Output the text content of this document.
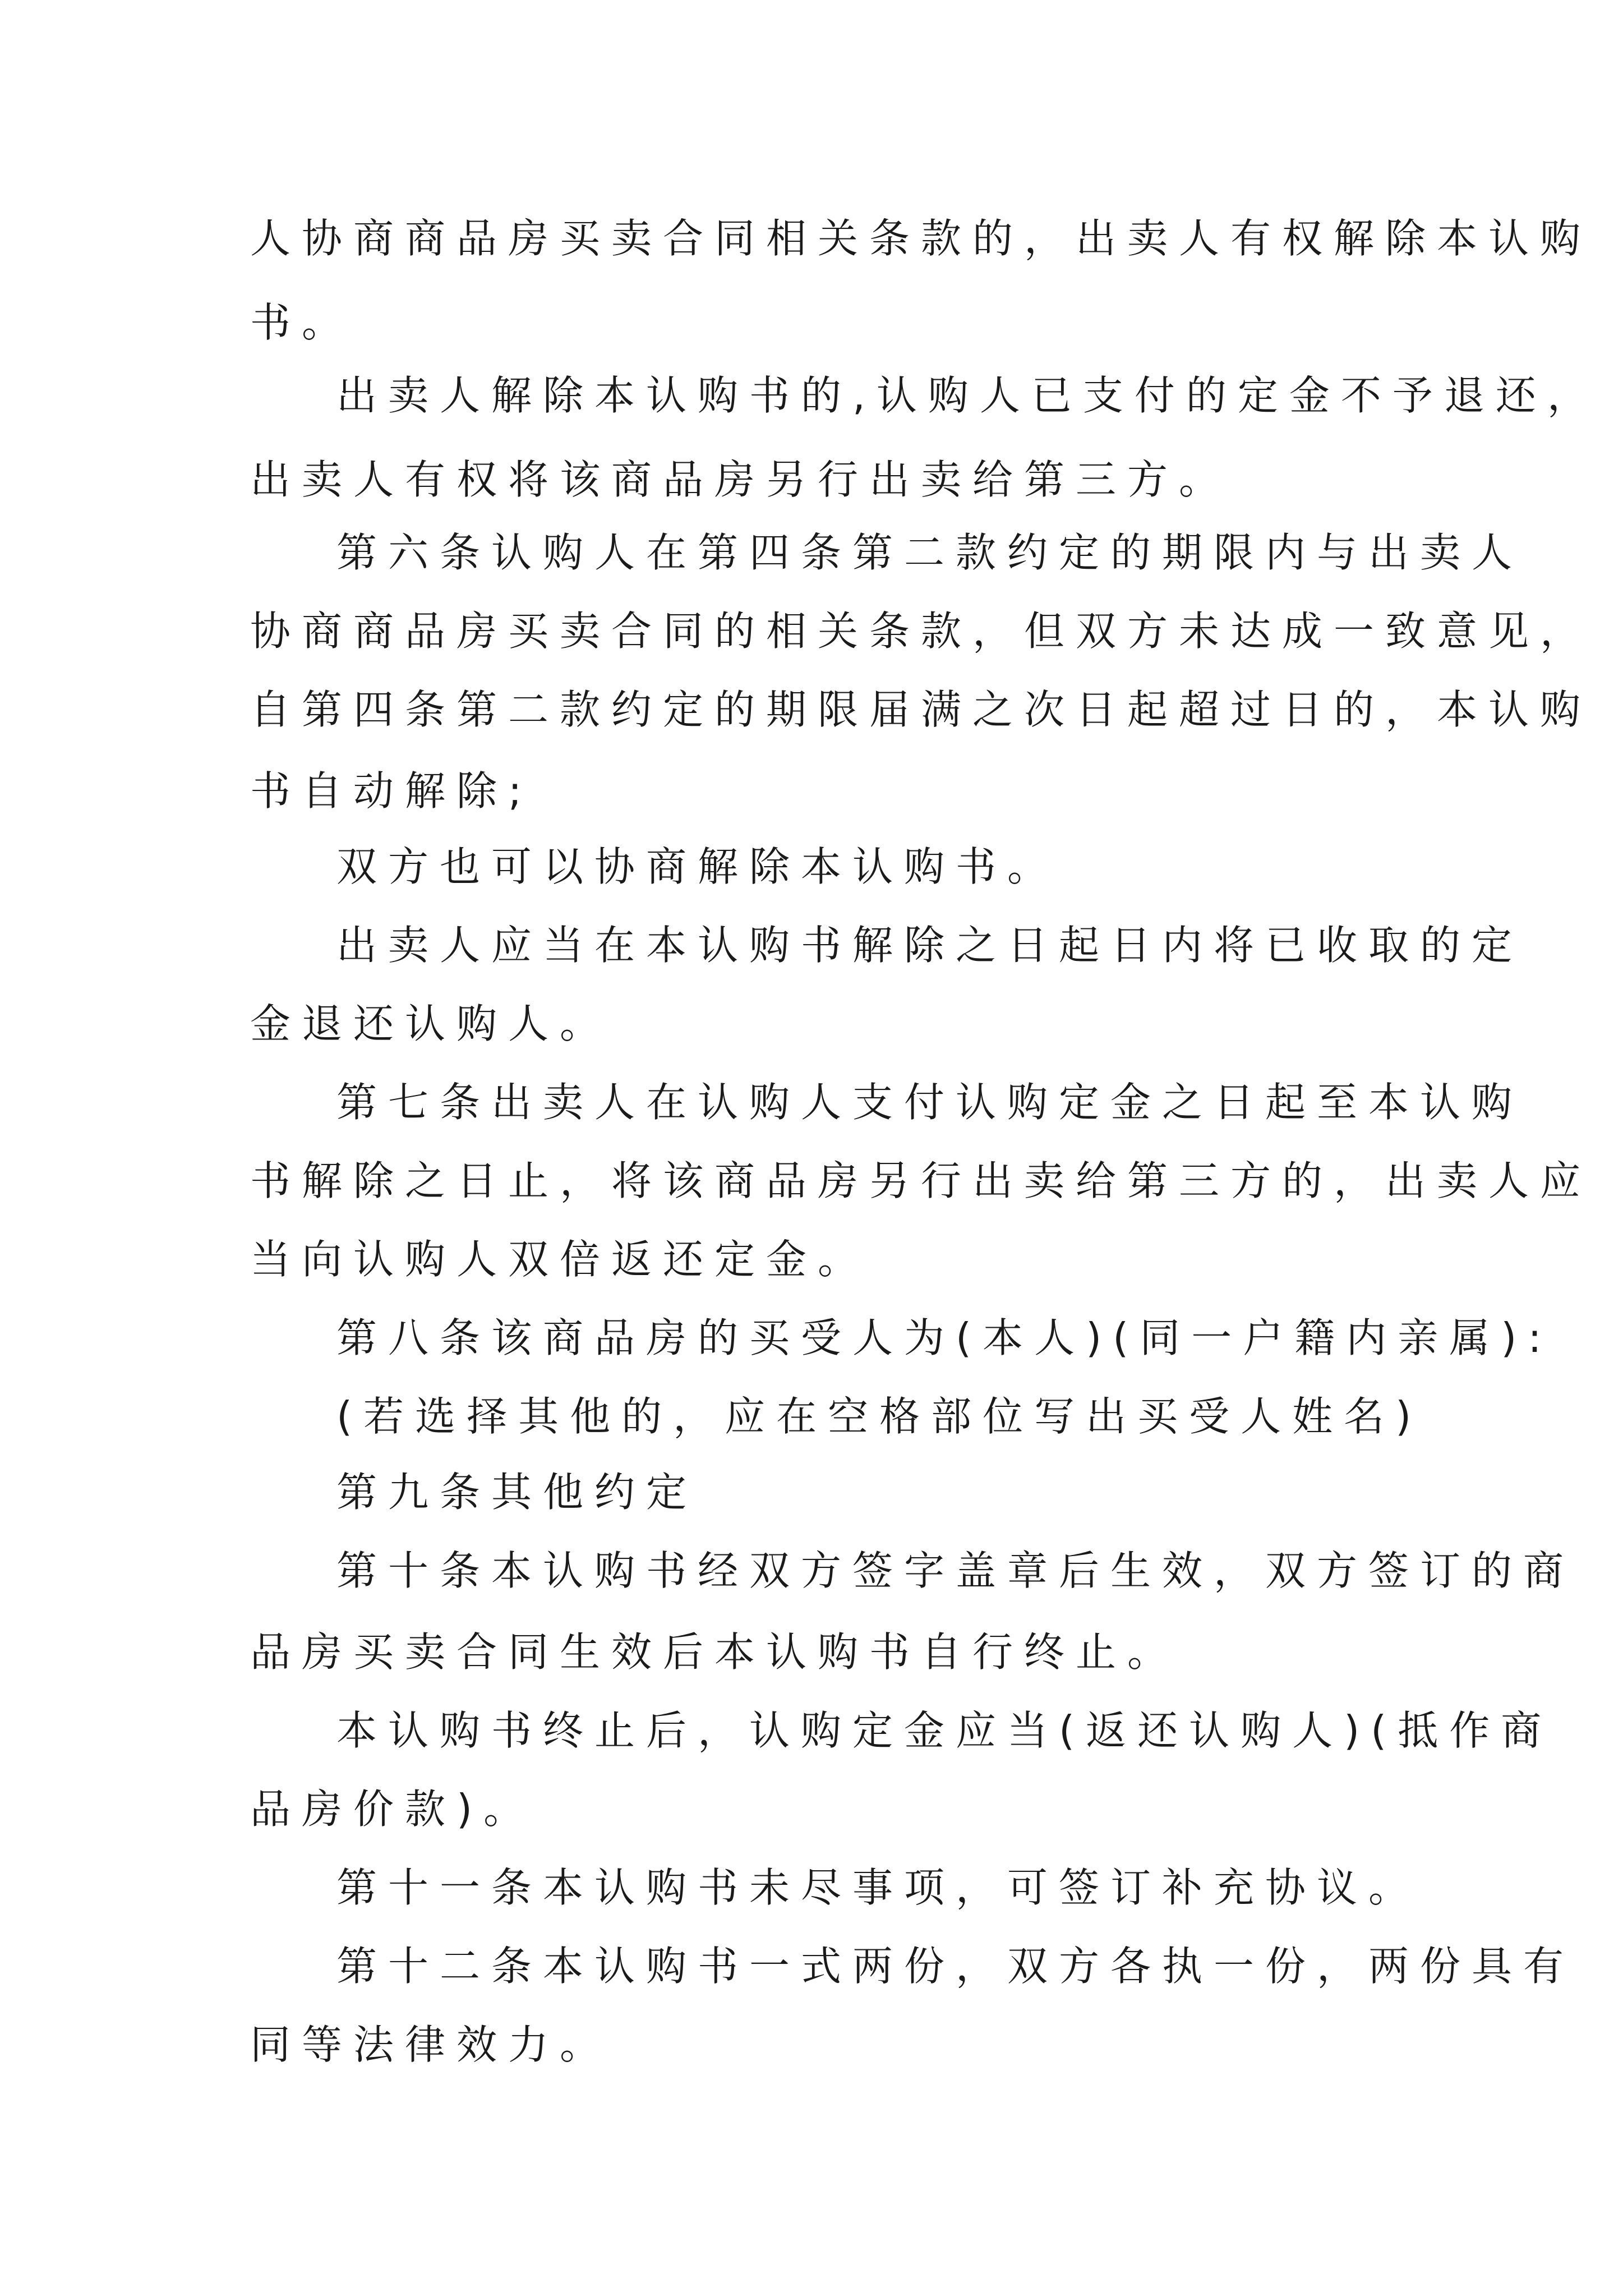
人协商商品房买卖合同相关条款的，出卖人有权解除本认购
书。
出卖人解除本认购书的,认购人已支付的定金不予退还，
出卖人有权将该商品房另行出卖给第三方。
第六条认购人在第四条第二款约定的期限内与出卖人
协商商品房买卖合同的相关条款，但双方未达成一致意见，
自第四条第二款约定的期限届满之次日起超过日的，本认购
书自动解除;
双方也可以协商解除本认购书。
出卖人应当在本认购书解除之日起日内将已收取的定
金退还认购人。
第七条出卖人在认购人支付认购定金之日起至本认购
书解除之日止，将该商品房另行出卖给第三方的，出卖人应
当向认购人双倍返还定金。
第八条该商品房的买受人为(本人)(同一户籍内亲属):
(若选择其他的，应在空格部位写出买受人姓名)
第九条其他约定
第十条本认购书经双方签字盖章后生效，双方签订的商
品房买卖合同生效后本认购书自行终止。
本认购书终止后，认购定金应当(返还认购人)(抵作商
品房价款)。
第十一条本认购书未尽事项，可签订补充协议。
第十二条本认购书一式两份，双方各执一份，两份具有
同等法律效力。
